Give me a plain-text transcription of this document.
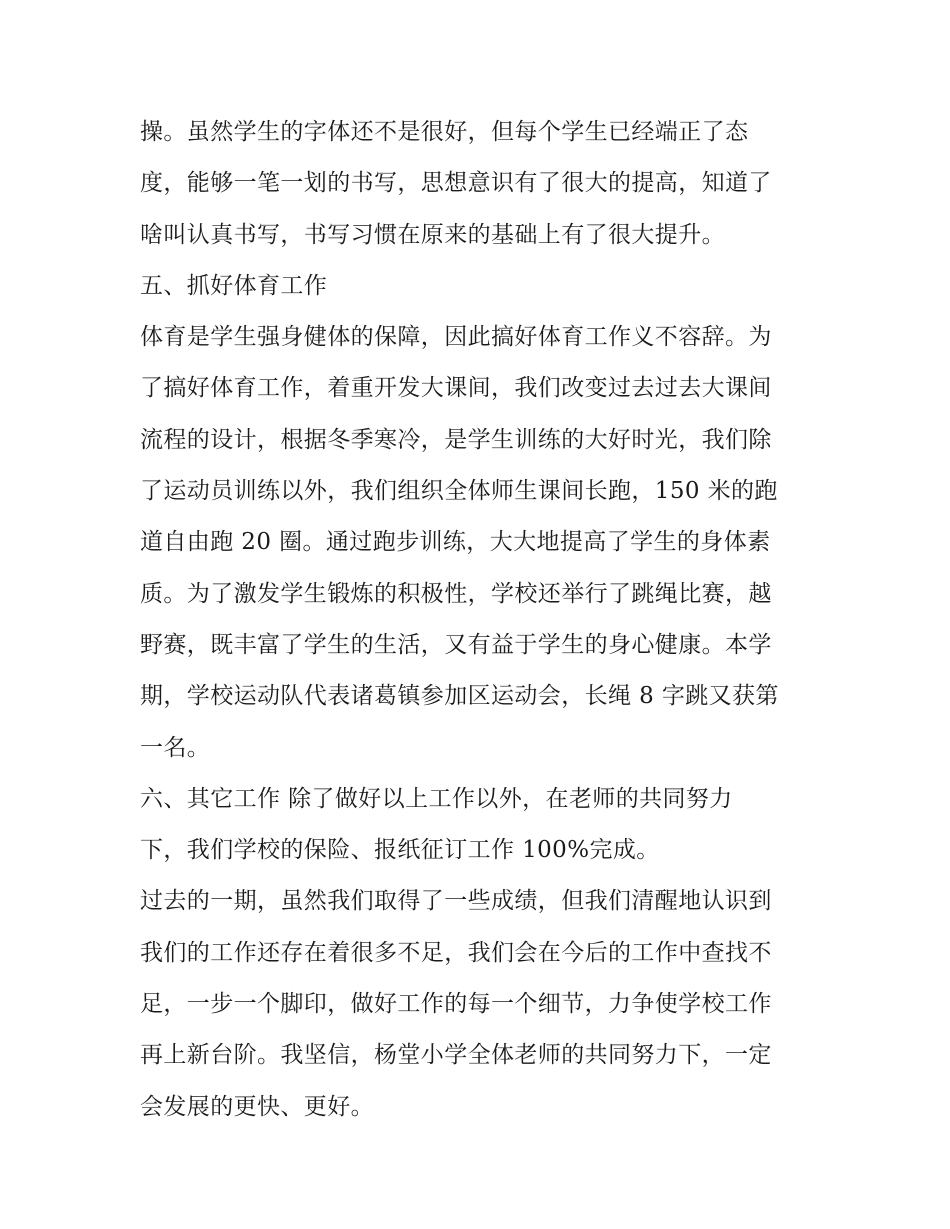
操。虽然学生的字体还不是很好，但每个学生已经端正了态
度，能够一笔一划的书写，思想意识有了很大的提高，知道了
啥叫认真书写，书写习惯在原来的基础上有了很大提升。
五、抓好体育工作
体育是学生强身健体的保障，因此搞好体育工作义不容辞。为
了搞好体育工作，着重开发大课间，我们改变过去过去大课间
流程的设计，根据冬季寒冷，是学生训练的大好时光，我们除
了运动员训练以外，我们组织全体师生课间长跑，150 米的跑
道自由跑 20 圈。通过跑步训练，大大地提高了学生的身体素
质。为了激发学生锻炼的积极性，学校还举行了跳绳比赛，越
野赛，既丰富了学生的生活，又有益于学生的身心健康。本学
期，学校运动队代表诸葛镇参加区运动会，长绳 8 字跳又获第
一名。
六、其它工作 除了做好以上工作以外，在老师的共同努力
下，我们学校的保险、报纸征订工作 100%完成。
过去的一期，虽然我们取得了一些成绩，但我们清醒地认识到
我们的工作还存在着很多不足，我们会在今后的工作中查找不
足，一步一个脚印，做好工作的每一个细节，力争使学校工作
再上新台阶。我坚信，杨堂小学全体老师的共同努力下，一定
会发展的更快、更好。
